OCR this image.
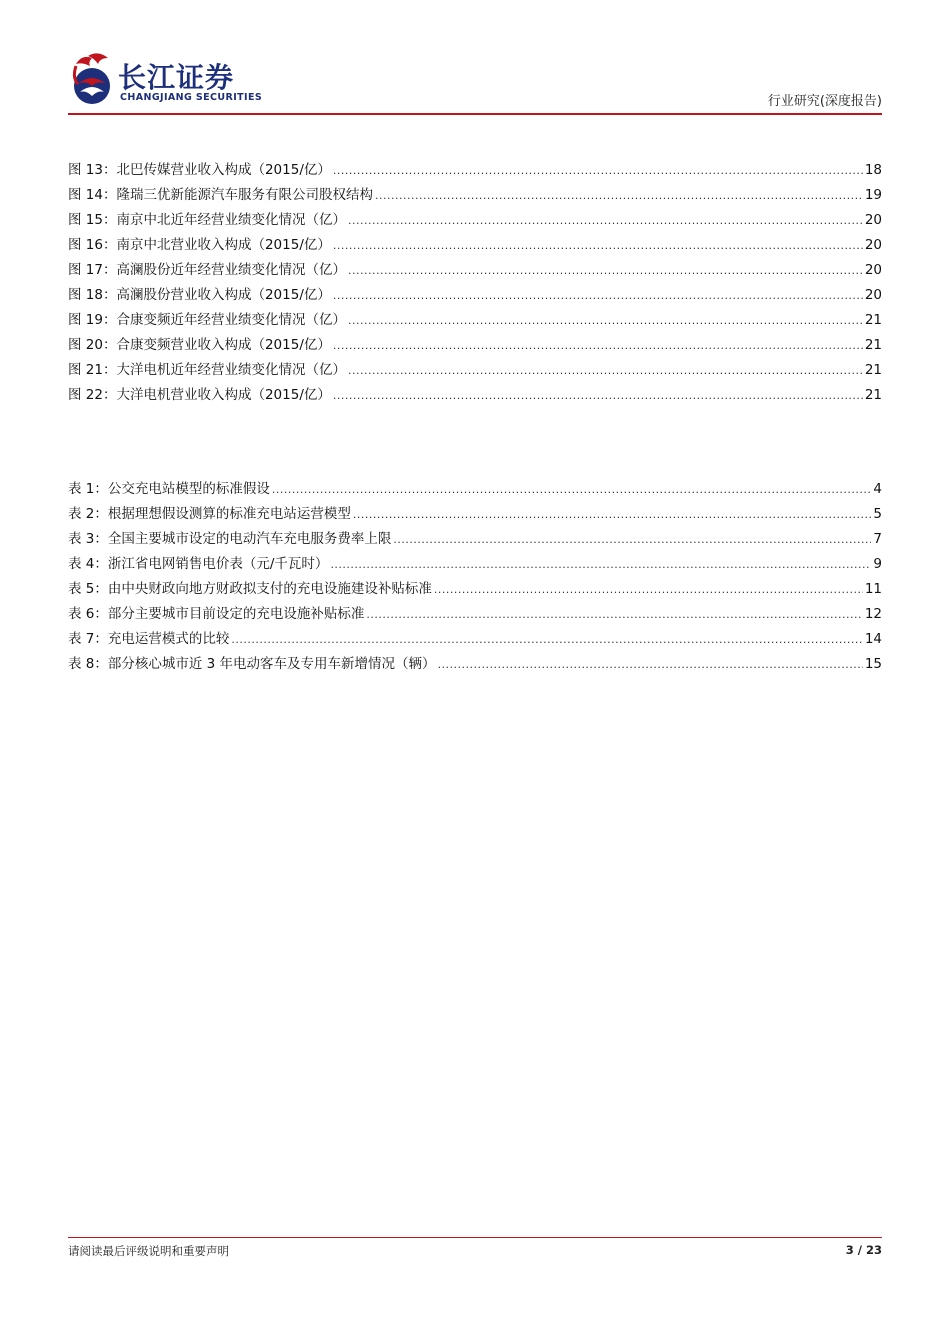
长江证券
CHANGJIANG SECURITIES	行业研究(深度报告)
图 13：北巴传媒营业收入构成（2015/亿） .....	18
图 14：隆瑞三优新能源汽车服务有限公司股权结构 .....	19
图 15：南京中北近年经营业绩变化情况（亿） .....	20
图 16：南京中北营业收入构成（2015/亿） .....	20
图 17：高澜股份近年经营业绩变化情况（亿） .....	20
图 18：高澜股份营业收入构成（2015/亿） .....	20
图 19：合康变频近年经营业绩变化情况（亿） .....	21
图 20：合康变频营业收入构成（2015/亿） .....	21
图 21：大洋电机近年经营业绩变化情况（亿） .....	21
图 22：大洋电机营业收入构成（2015/亿） .....	21
表 1：公交充电站模型的标准假设 .....	4
表 2：根据理想假设测算的标准充电站运营模型 .....	5
表 3：全国主要城市设定的电动汽车充电服务费率上限 .....	7
表 4：浙江省电网销售电价表（元/千瓦时） .....	9
表 5：由中央财政向地方财政拟支付的充电设施建设补贴标准 .....	11
表 6：部分主要城市目前设定的充电设施补贴标准 .....	12
表 7：充电运营模式的比较 .....	14
表 8：部分核心城市近 3 年电动客车及专用车新增情况（辆） .....	15
请阅读最后评级说明和重要声明	3 / 23
